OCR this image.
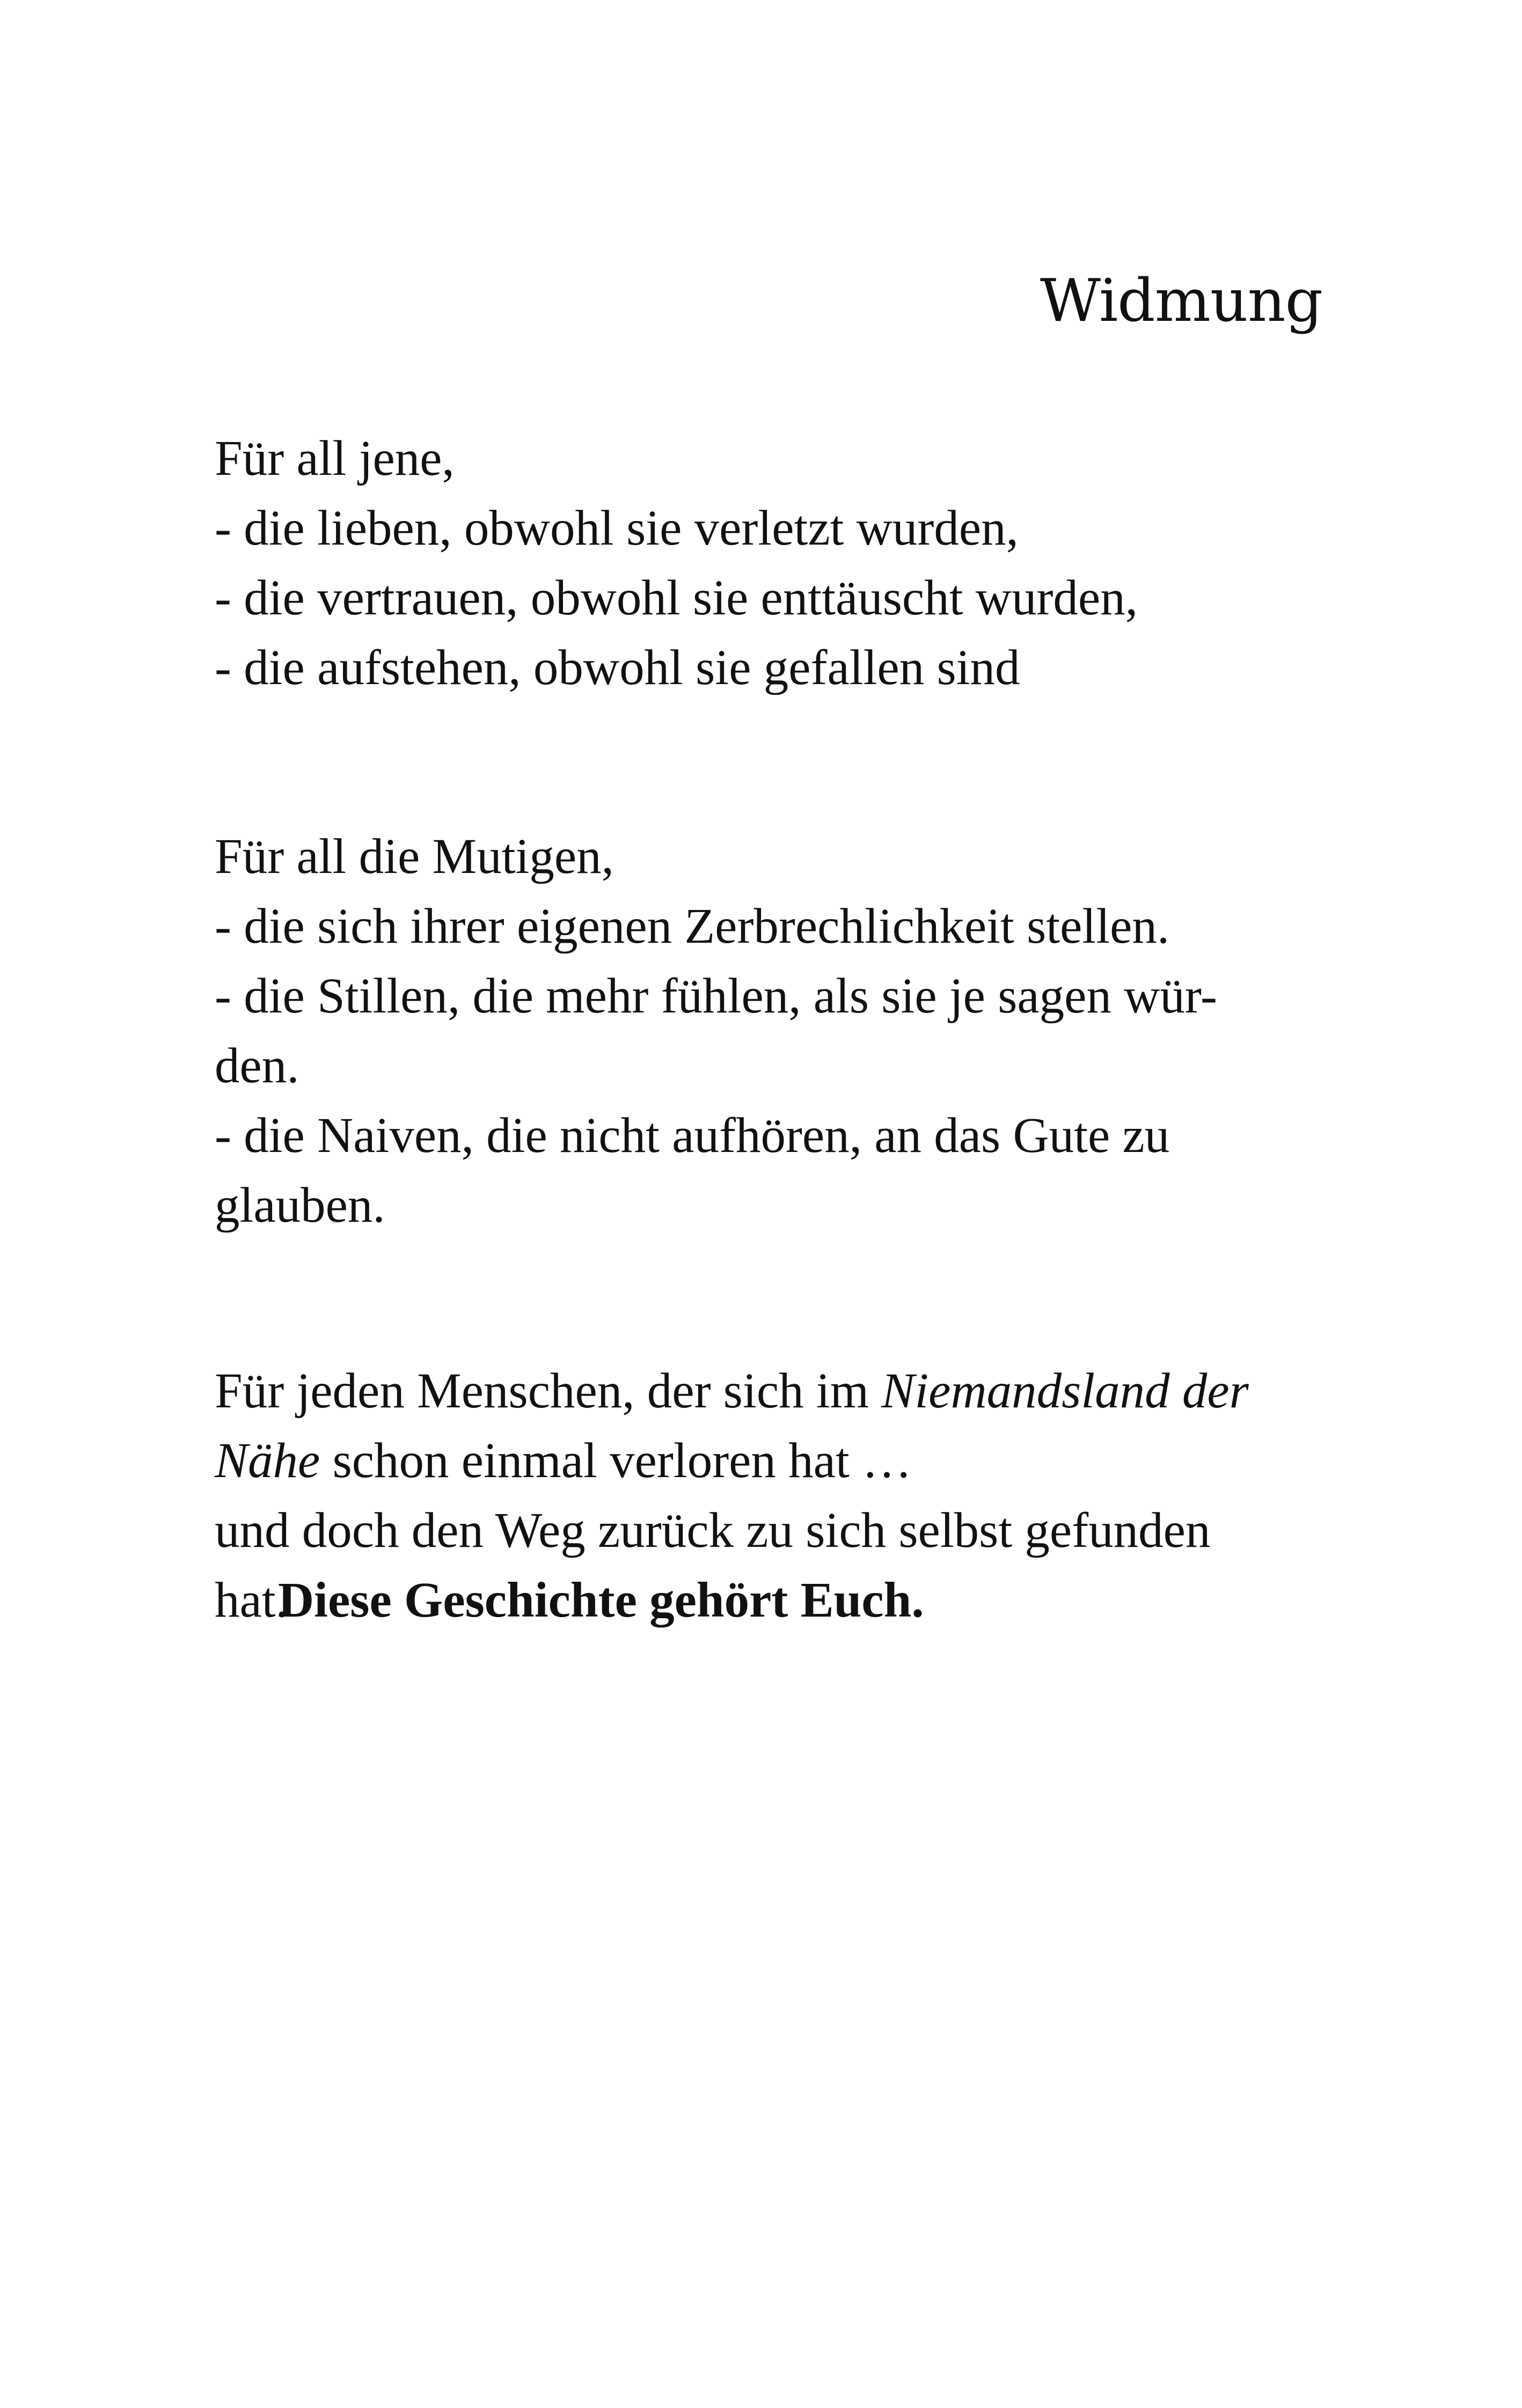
Widmung
Für all jene,
- die lieben, obwohl sie verletzt wurden,
- die vertrauen, obwohl sie enttäuscht wurden,
- die aufstehen, obwohl sie gefallen sind
Für all die Mutigen,
- die sich ihrer eigenen Zerbrechlichkeit stellen.
- die Stillen, die mehr fühlen, als sie je sagen wür-
den.
- die Naiven, die nicht aufhören, an das Gute zu
glauben.
Für jeden Menschen, der sich im Niemandsland der
Nähe schon einmal verloren hat …
und doch den Weg zurück zu sich selbst gefunden
hat.
Diese Geschichte gehört Euch.
